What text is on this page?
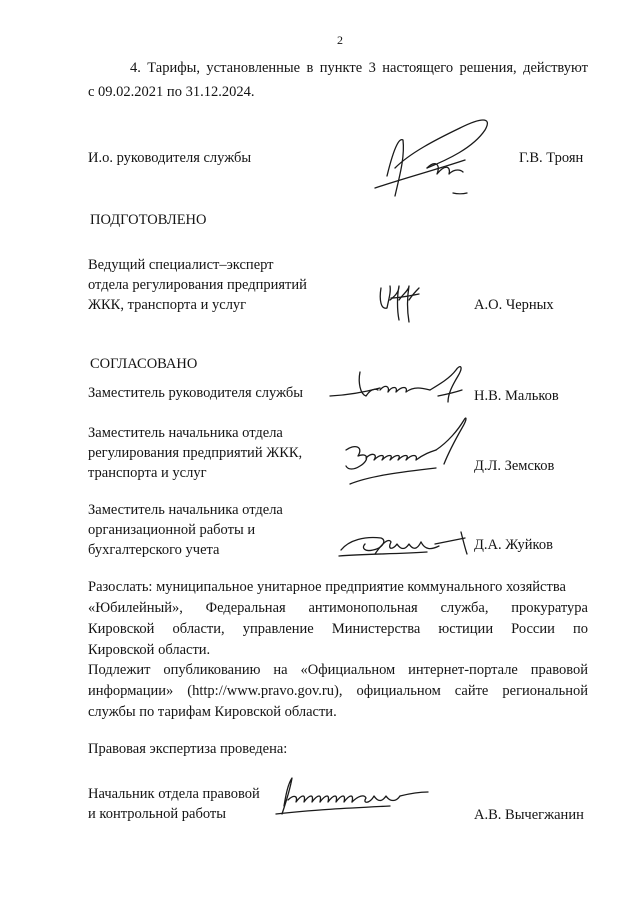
2
4. Тарифы, установленные в пункте 3 настоящего решения, действуют
с 09.02.2021 по 31.12.2024.
И.о. руководителя службы	Г.В. Троян
ПОДГОТОВЛЕНО
Ведущий специалист–эксперт
отдела регулирования предприятий
ЖКК, транспорта и услуг	А.О. Черных
СОГЛАСОВАНО
Заместитель руководителя службы	Н.В. Мальков
Заместитель начальника отдела
регулирования предприятий ЖКК,
транспорта и услуг	Д.Л. Земсков
Заместитель начальника отдела
организационной работы и
бухгалтерского учета	Д.А. Жуйков
Разослать: муниципальное унитарное предприятие коммунального хозяйства
«Юбилейный», Федеральная антимонопольная служба, прокуратура
Кировской области, управление Министерства юстиции России по
Кировской области.
Подлежит опубликованию на «Официальном интернет-портале правовой
информации» (http://www.pravo.gov.ru), официальном сайте региональной
службы по тарифам Кировской области.
Правовая экспертиза проведена:
Начальник отдела правовой
и контрольной работы	А.В. Вычегжанин
